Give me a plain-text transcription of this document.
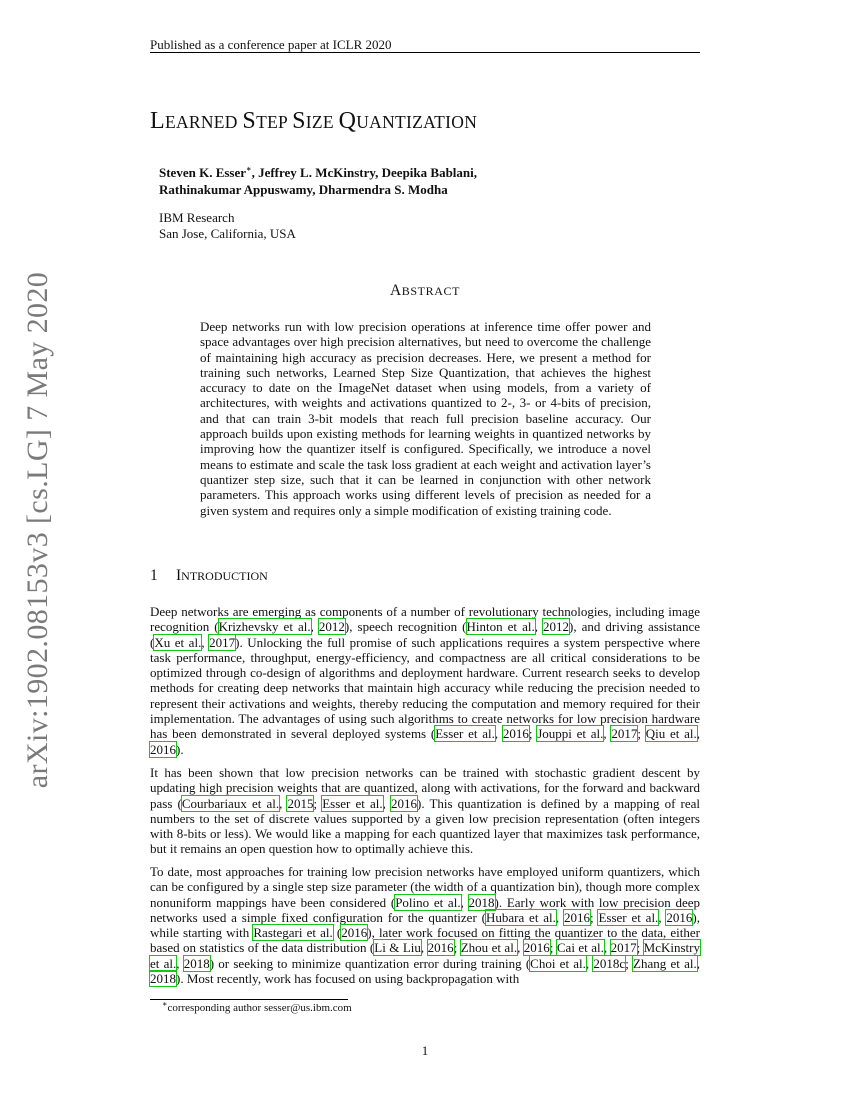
Published as a conference paper at ICLR 2020
arXiv:1902.08153v3 [cs.LG] 7 May 2020
LEARNED STEP SIZE QUANTIZATION
Steven K. Esser∗, Jeffrey L. McKinstry, Deepika Bablani,
Rathinakumar Appuswamy, Dharmendra S. Modha
IBM Research
San Jose, California, USA
ABSTRACT
Deep networks run with low precision operations at inference time offer power and space advantages over high precision alternatives, but need to overcome the challenge of maintaining high accuracy as precision decreases. Here, we present a method for training such networks, Learned Step Size Quantization, that achieves the highest accuracy to date on the ImageNet dataset when using models, from a variety of architectures, with weights and activations quantized to 2-, 3- or 4-bits of precision, and that can train 3-bit models that reach full precision baseline accuracy. Our approach builds upon existing methods for learning weights in quantized networks by improving how the quantizer itself is configured. Specifically, we introduce a novel means to estimate and scale the task loss gradient at each weight and activation layer’s quantizer step size, such that it can be learned in conjunction with other network parameters. This approach works using different levels of precision as needed for a given system and requires only a simple modification of existing training code.
1 INTRODUCTION
Deep networks are emerging as components of a number of revolutionary technologies, including image recognition (Krizhevsky et al., 2012), speech recognition (Hinton et al., 2012), and driving assistance (Xu et al., 2017). Unlocking the full promise of such applications requires a system perspective where task performance, throughput, energy-efficiency, and compactness are all critical considerations to be optimized through co-design of algorithms and deployment hardware. Current research seeks to develop methods for creating deep networks that maintain high accuracy while reducing the precision needed to represent their activations and weights, thereby reducing the computation and memory required for their implementation. The advantages of using such algorithms to create networks for low precision hardware has been demonstrated in several deployed systems (Esser et al., 2016; Jouppi et al., 2017; Qiu et al., 2016).
It has been shown that low precision networks can be trained with stochastic gradient descent by updating high precision weights that are quantized, along with activations, for the forward and backward pass (Courbariaux et al., 2015; Esser et al., 2016). This quantization is defined by a mapping of real numbers to the set of discrete values supported by a given low precision representation (often integers with 8-bits or less). We would like a mapping for each quantized layer that maximizes task performance, but it remains an open question how to optimally achieve this.
To date, most approaches for training low precision networks have employed uniform quantizers, which can be configured by a single step size parameter (the width of a quantization bin), though more complex nonuniform mappings have been considered (Polino et al., 2018). Early work with low precision deep networks used a simple fixed configuration for the quantizer (Hubara et al., 2016; Esser et al., 2016), while starting with Rastegari et al. (2016), later work focused on fitting the quantizer to the data, either based on statistics of the data distribution (Li & Liu, 2016; Zhou et al., 2016; Cai et al., 2017; McKinstry et al., 2018) or seeking to minimize quantization error during training (Choi et al., 2018c; Zhang et al., 2018). Most recently, work has focused on using backpropagation with
∗corresponding author sesser@us.ibm.com
1
